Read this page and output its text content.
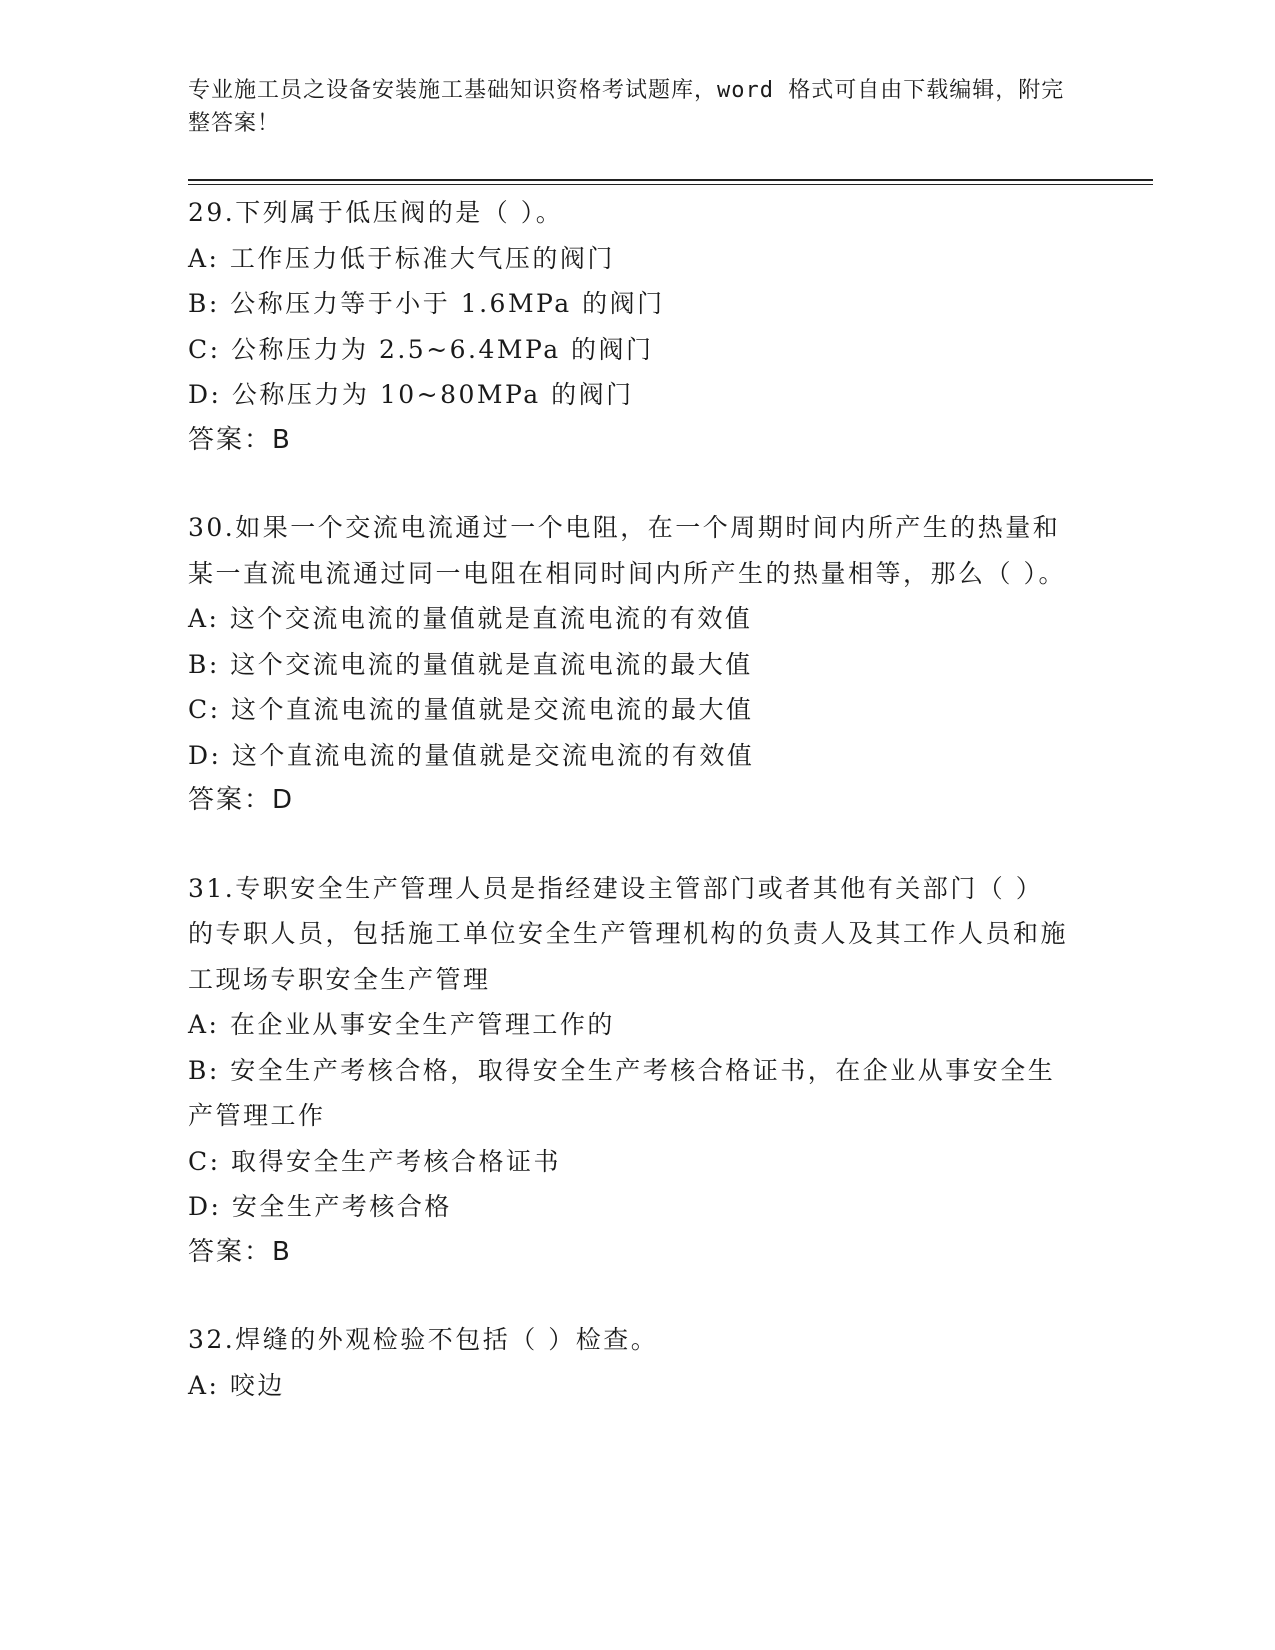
专业施工员之设备安装施工基础知识资格考试题库，word 格式可自由下载编辑，附完整答案！

29.下列属于低压阀的是（ ）。

A: 工作压力低于标准大气压的阀门

B: 公称压力等于小于 1.6MPa 的阀门

C: 公称压力为 2.5~6.4MPa 的阀门

D: 公称压力为 10~80MPa 的阀门

答案：B

30.如果一个交流电流通过一个电阻，在一个周期时间内所产生的热量和某一直流电流通过同一电阻在相同时间内所产生的热量相等，那么（ ）。

A: 这个交流电流的量值就是直流电流的有效值

B: 这个交流电流的量值就是直流电流的最大值

C: 这个直流电流的量值就是交流电流的最大值

D: 这个直流电流的量值就是交流电流的有效值

答案：D

31.专职安全生产管理人员是指经建设主管部门或者其他有关部门（ ）的专职人员，包括施工单位安全生产管理机构的负责人及其工作人员和施工现场专职安全生产管理

A: 在企业从事安全生产管理工作的

B: 安全生产考核合格，取得安全生产考核合格证书，在企业从事安全生产管理工作

C: 取得安全生产考核合格证书

D: 安全生产考核合格

答案：B

32.焊缝的外观检验不包括（ ）检查。

A: 咬边
